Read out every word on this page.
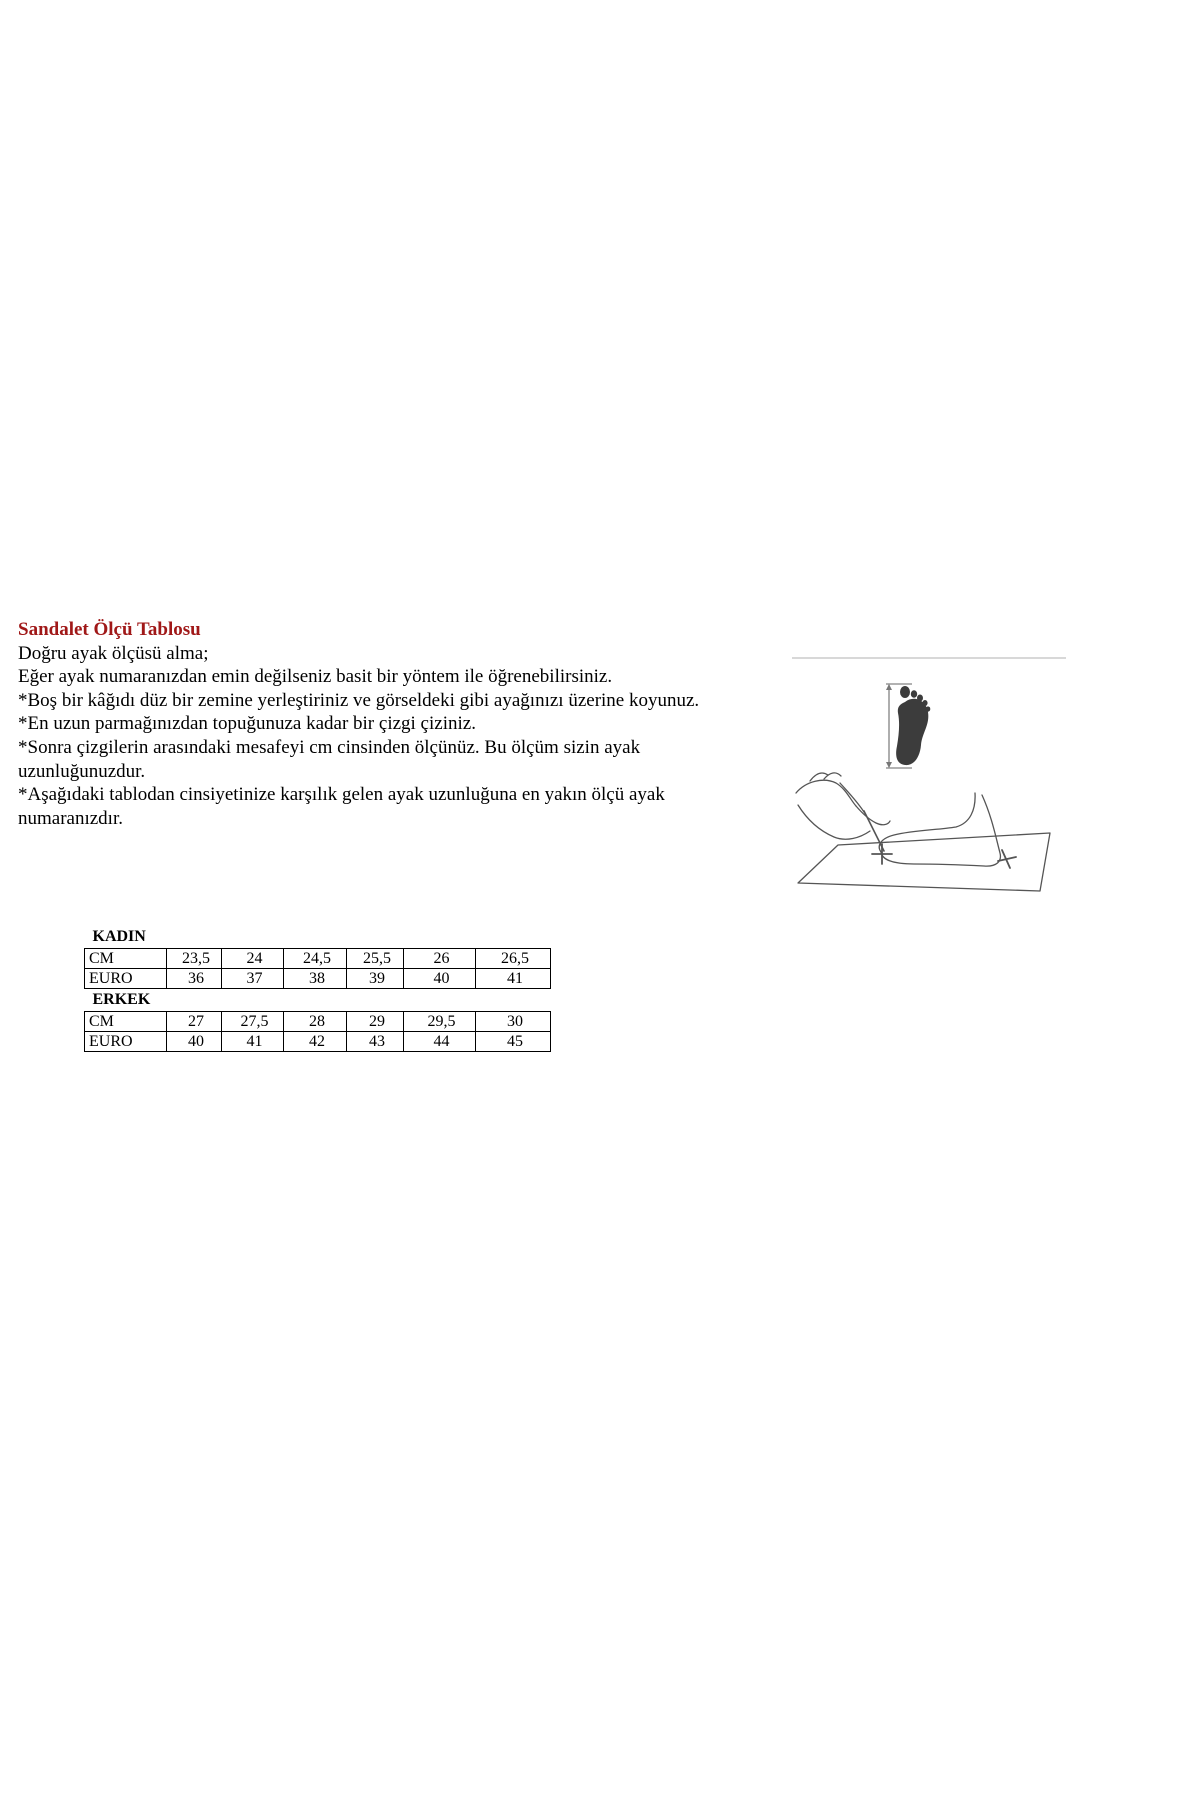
Sandalet Ölçü Tablosu
Doğru ayak ölçüsü alma;
Eğer ayak numaranızdan emin değilseniz basit bir yöntem ile öğrenebilirsiniz.
*Boş bir kâğıdı düz bir zemine yerleştiriniz ve görseldeki gibi ayağınızı üzerine koyunuz.
*En uzun parmağınızdan topuğunuza kadar bir çizgi çiziniz.
*Sonra çizgilerin arasındaki mesafeyi cm cinsinden ölçünüz. Bu ölçüm sizin ayak
uzunluğunuzdur.
*Aşağıdaki tablodan cinsiyetinize karşılık gelen ayak uzunluğuna en yakın ölçü ayak
numaranızdır.
KADIN						
CM	23,5	24	24,5	25,5	26	26,5
EURO	36	37	38	39	40	41
ERKEK						
CM	27	27,5	28	29	29,5	30
EURO	40	41	42	43	44	45
